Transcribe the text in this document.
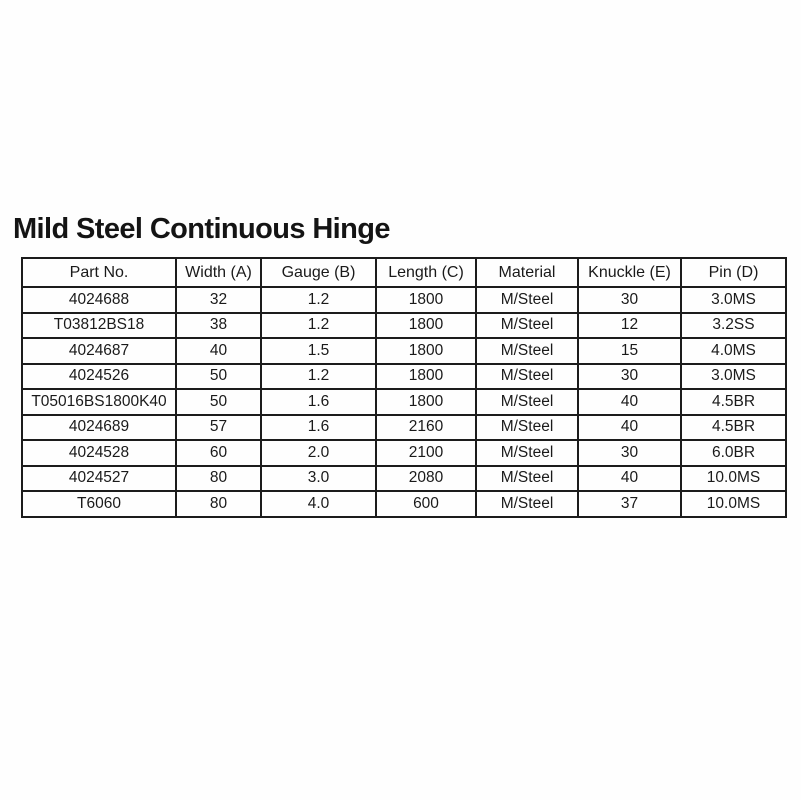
Mild Steel Continuous Hinge
Part No.	Width (A)	Gauge (B)	Length (C)	Material	Knuckle (E)	Pin (D)
4024688	32	1.2	1800	M/Steel	30	3.0MS
T03812BS18	38	1.2	1800	M/Steel	12	3.2SS
4024687	40	1.5	1800	M/Steel	15	4.0MS
4024526	50	1.2	1800	M/Steel	30	3.0MS
T05016BS1800K40	50	1.6	1800	M/Steel	40	4.5BR
4024689	57	1.6	2160	M/Steel	40	4.5BR
4024528	60	2.0	2100	M/Steel	30	6.0BR
4024527	80	3.0	2080	M/Steel	40	10.0MS
T6060	80	4.0	600	M/Steel	37	10.0MS
